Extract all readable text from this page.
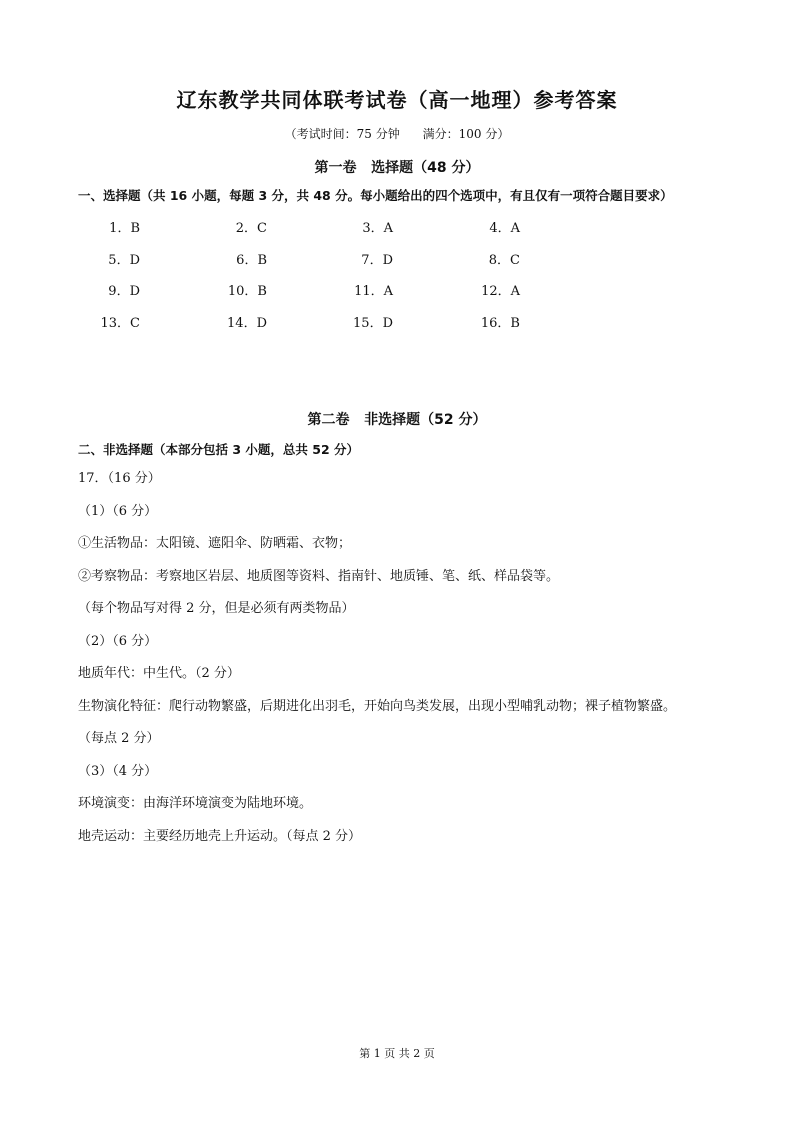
辽东教学共同体联考试卷（高一地理）参考答案
（考试时间：75 分钟      满分：100 分）
第一卷   选择题（48 分）
一、选择题（共 16 小题，每题 3 分，共 48 分。每小题给出的四个选项中，有且仅有一项符合题目要求）
1．B	2．C	3．A	4．A
5．D	6．B	7．D	8．C
9．D	10．B	11．A	12．A
13．C	14．D	15．D	16．B
第二卷   非选择题（52 分）
二、非选择题（本部分包括 3 小题，总共 52 分）
17．（16 分）
（1）（6 分）
①生活物品：太阳镜、遮阳伞、防晒霜、衣物；
②考察物品：考察地区岩层、地质图等资料、指南针、地质锤、笔、纸、样品袋等。
（每个物品写对得 2 分，但是必须有两类物品）
（2）（6 分）
地质年代：中生代。（2 分）
生物演化特征：爬行动物繁盛，后期进化出羽毛，开始向鸟类发展，出现小型哺乳动物；裸子植物繁盛。
（每点 2 分）
（3）（4 分）
环境演变：由海洋环境演变为陆地环境。
地壳运动：主要经历地壳上升运动。（每点 2 分）
第 1 页 共 2 页
